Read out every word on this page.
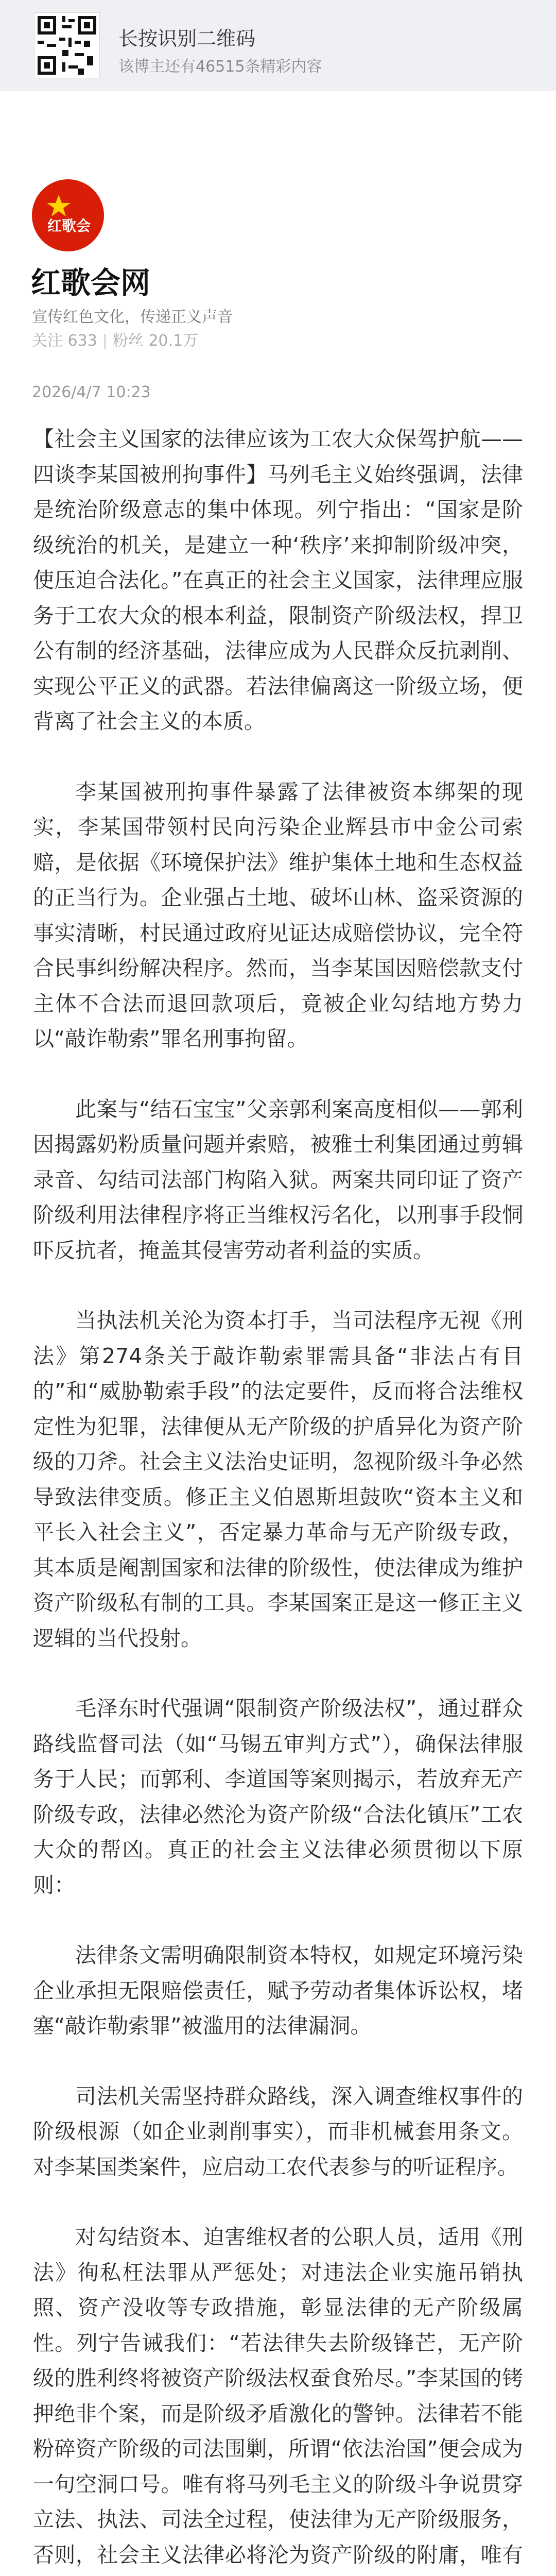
长按识别二维码
该博主还有46515条精彩内容
红歌会
红歌会网
宣传红色文化，传递正义声音
关注 633 | 粉丝 20.1万
2026/4/7 10:23

【社会主义国家的法律应该为工农大众保驾护航——四谈李某国被刑拘事件】马列毛主义始终强调，法律是统治阶级意志的集中体现。列宁指出：“国家是阶级统治的机关，是建立一种‘秩序’来抑制阶级冲突，使压迫合法化。”在真正的社会主义国家，法律理应服务于工农大众的根本利益，限制资产阶级法权，捍卫公有制的经济基础，法律应成为人民群众反抗剥削、实现公平正义的武器。若法律偏离这一阶级立场，便背离了社会主义的本质。

李某国被刑拘事件暴露了法律被资本绑架的现实，李某国带领村民向污染企业辉县市中金公司索赔，是依据《环境保护法》维护集体土地和生态权益的正当行为。企业强占土地、破坏山林、盗采资源的事实清晰，村民通过政府见证达成赔偿协议，完全符合民事纠纷解决程序。然而，当李某国因赔偿款支付主体不合法而退回款项后，竟被企业勾结地方势力以“敲诈勒索”罪名刑事拘留。

此案与“结石宝宝”父亲郭利案高度相似——郭利因揭露奶粉质量问题并索赔，被雅士利集团通过剪辑录音、勾结司法部门构陷入狱。两案共同印证了资产阶级利用法律程序将正当维权污名化，以刑事手段恫吓反抗者，掩盖其侵害劳动者利益的实质。

当执法机关沦为资本打手，当司法程序无视《刑法》第274条关于敲诈勒索罪需具备“非法占有目的”和“威胁勒索手段”的法定要件，反而将合法维权定性为犯罪，法律便从无产阶级的护盾异化为资产阶级的刀斧。社会主义法治史证明，忽视阶级斗争必然导致法律变质。修正主义伯恩斯坦鼓吹“资本主义和平长入社会主义”，否定暴力革命与无产阶级专政，其本质是阉割国家和法律的阶级性，使法律成为维护资产阶级私有制的工具。李某国案正是这一修正主义逻辑的当代投射。

毛泽东时代强调“限制资产阶级法权”，通过群众路线监督司法（如“马锡五审判方式”），确保法律服务于人民；而郭利、李道国等案则揭示，若放弃无产阶级专政，法律必然沦为资产阶级“合法化镇压”工农大众的帮凶。真正的社会主义法律必须贯彻以下原则：

法律条文需明确限制资本特权，如规定环境污染企业承担无限赔偿责任，赋予劳动者集体诉讼权，堵塞“敲诈勒索罪”被滥用的法律漏洞。

司法机关需坚持群众路线，深入调查维权事件的阶级根源（如企业剥削事实），而非机械套用条文。对李某国类案件，应启动工农代表参与的听证程序。

对勾结资本、迫害维权者的公职人员，适用《刑法》徇私枉法罪从严惩处；对违法企业实施吊销执照、资产没收等专政措施，彰显法律的无产阶级属性。列宁告诫我们：“若法律失去阶级锋芒，无产阶级的胜利终将被资产阶级法权蚕食殆尽。”李某国的铐押绝非个案，而是阶级矛盾激化的警钟。法律若不能粉碎资产阶级的司法围剿，所谓“依法治国”便会成为一句空洞口号。唯有将马列毛主义的阶级斗争说贯穿立法、执法、司法全过程，使法律为无产阶级服务，否则，社会主义法律必将沦为资产阶级的附庸，唯有
